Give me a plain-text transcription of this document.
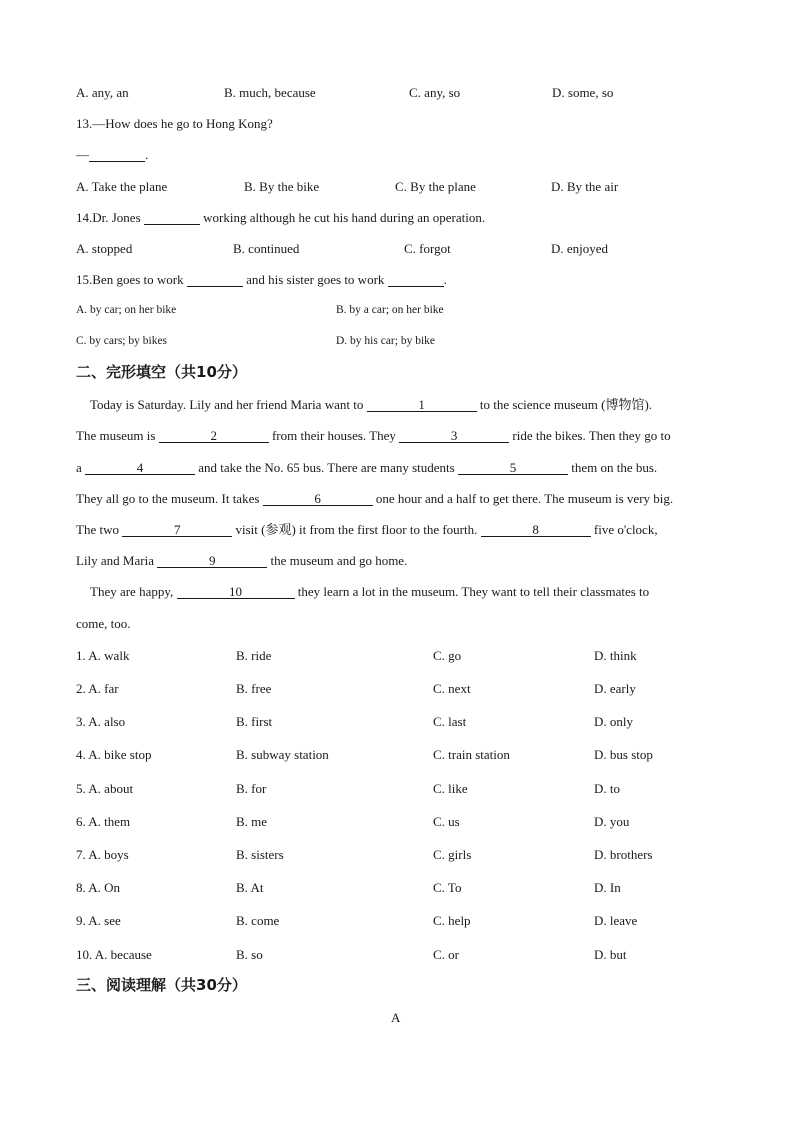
A. any, an	B. much, because	C. any, so	D. some, so
13.—How does he go to Hong Kong?
—	.
A. Take the plane	B. By the bike	C. By the plane	D. By the air
14.Dr. Jones	working although he cut his hand during an operation.
A. stopped	B. continued	C. forgot	D. enjoyed
15.Ben goes to work	and his sister goes to work	.
A. by car; on her bike	B. by a car; on her bike
C. by cars; by bikes	D. by his car; by bike
二、完形填空（共10分）
Today is Saturday. Lily and her friend Maria want to	1	to the science museum (博物馆).
The museum is	2	from their houses. They	3	ride the bikes. Then they go to
a	4	and take the No. 65 bus. There are many students	5	them on the bus.
They all go to the museum. It takes	6	one hour and a half to get there. The museum is very big.
The two	7	visit (参观) it from the first floor to the fourth.	8	five o'clock,
Lily and Maria	9	the museum and go home.
They are happy,	10	they learn a lot in the museum. They want to tell their classmates to
come, too.
1. A. walk	B. ride	C. go	D. think
2. A. far	B. free	C. next	D. early
3. A. also	B. first	C. last	D. only
4. A. bike stop	B. subway station	C. train station	D. bus stop
5. A. about	B. for	C. like	D. to
6. A. them	B. me	C. us	D. you
7. A. boys	B. sisters	C. girls	D. brothers
8. A. On	B. At	C. To	D. In
9. A. see	B. come	C. help	D. leave
10. A. because	B. so	C. or	D. but
三、阅读理解（共30分）
A
